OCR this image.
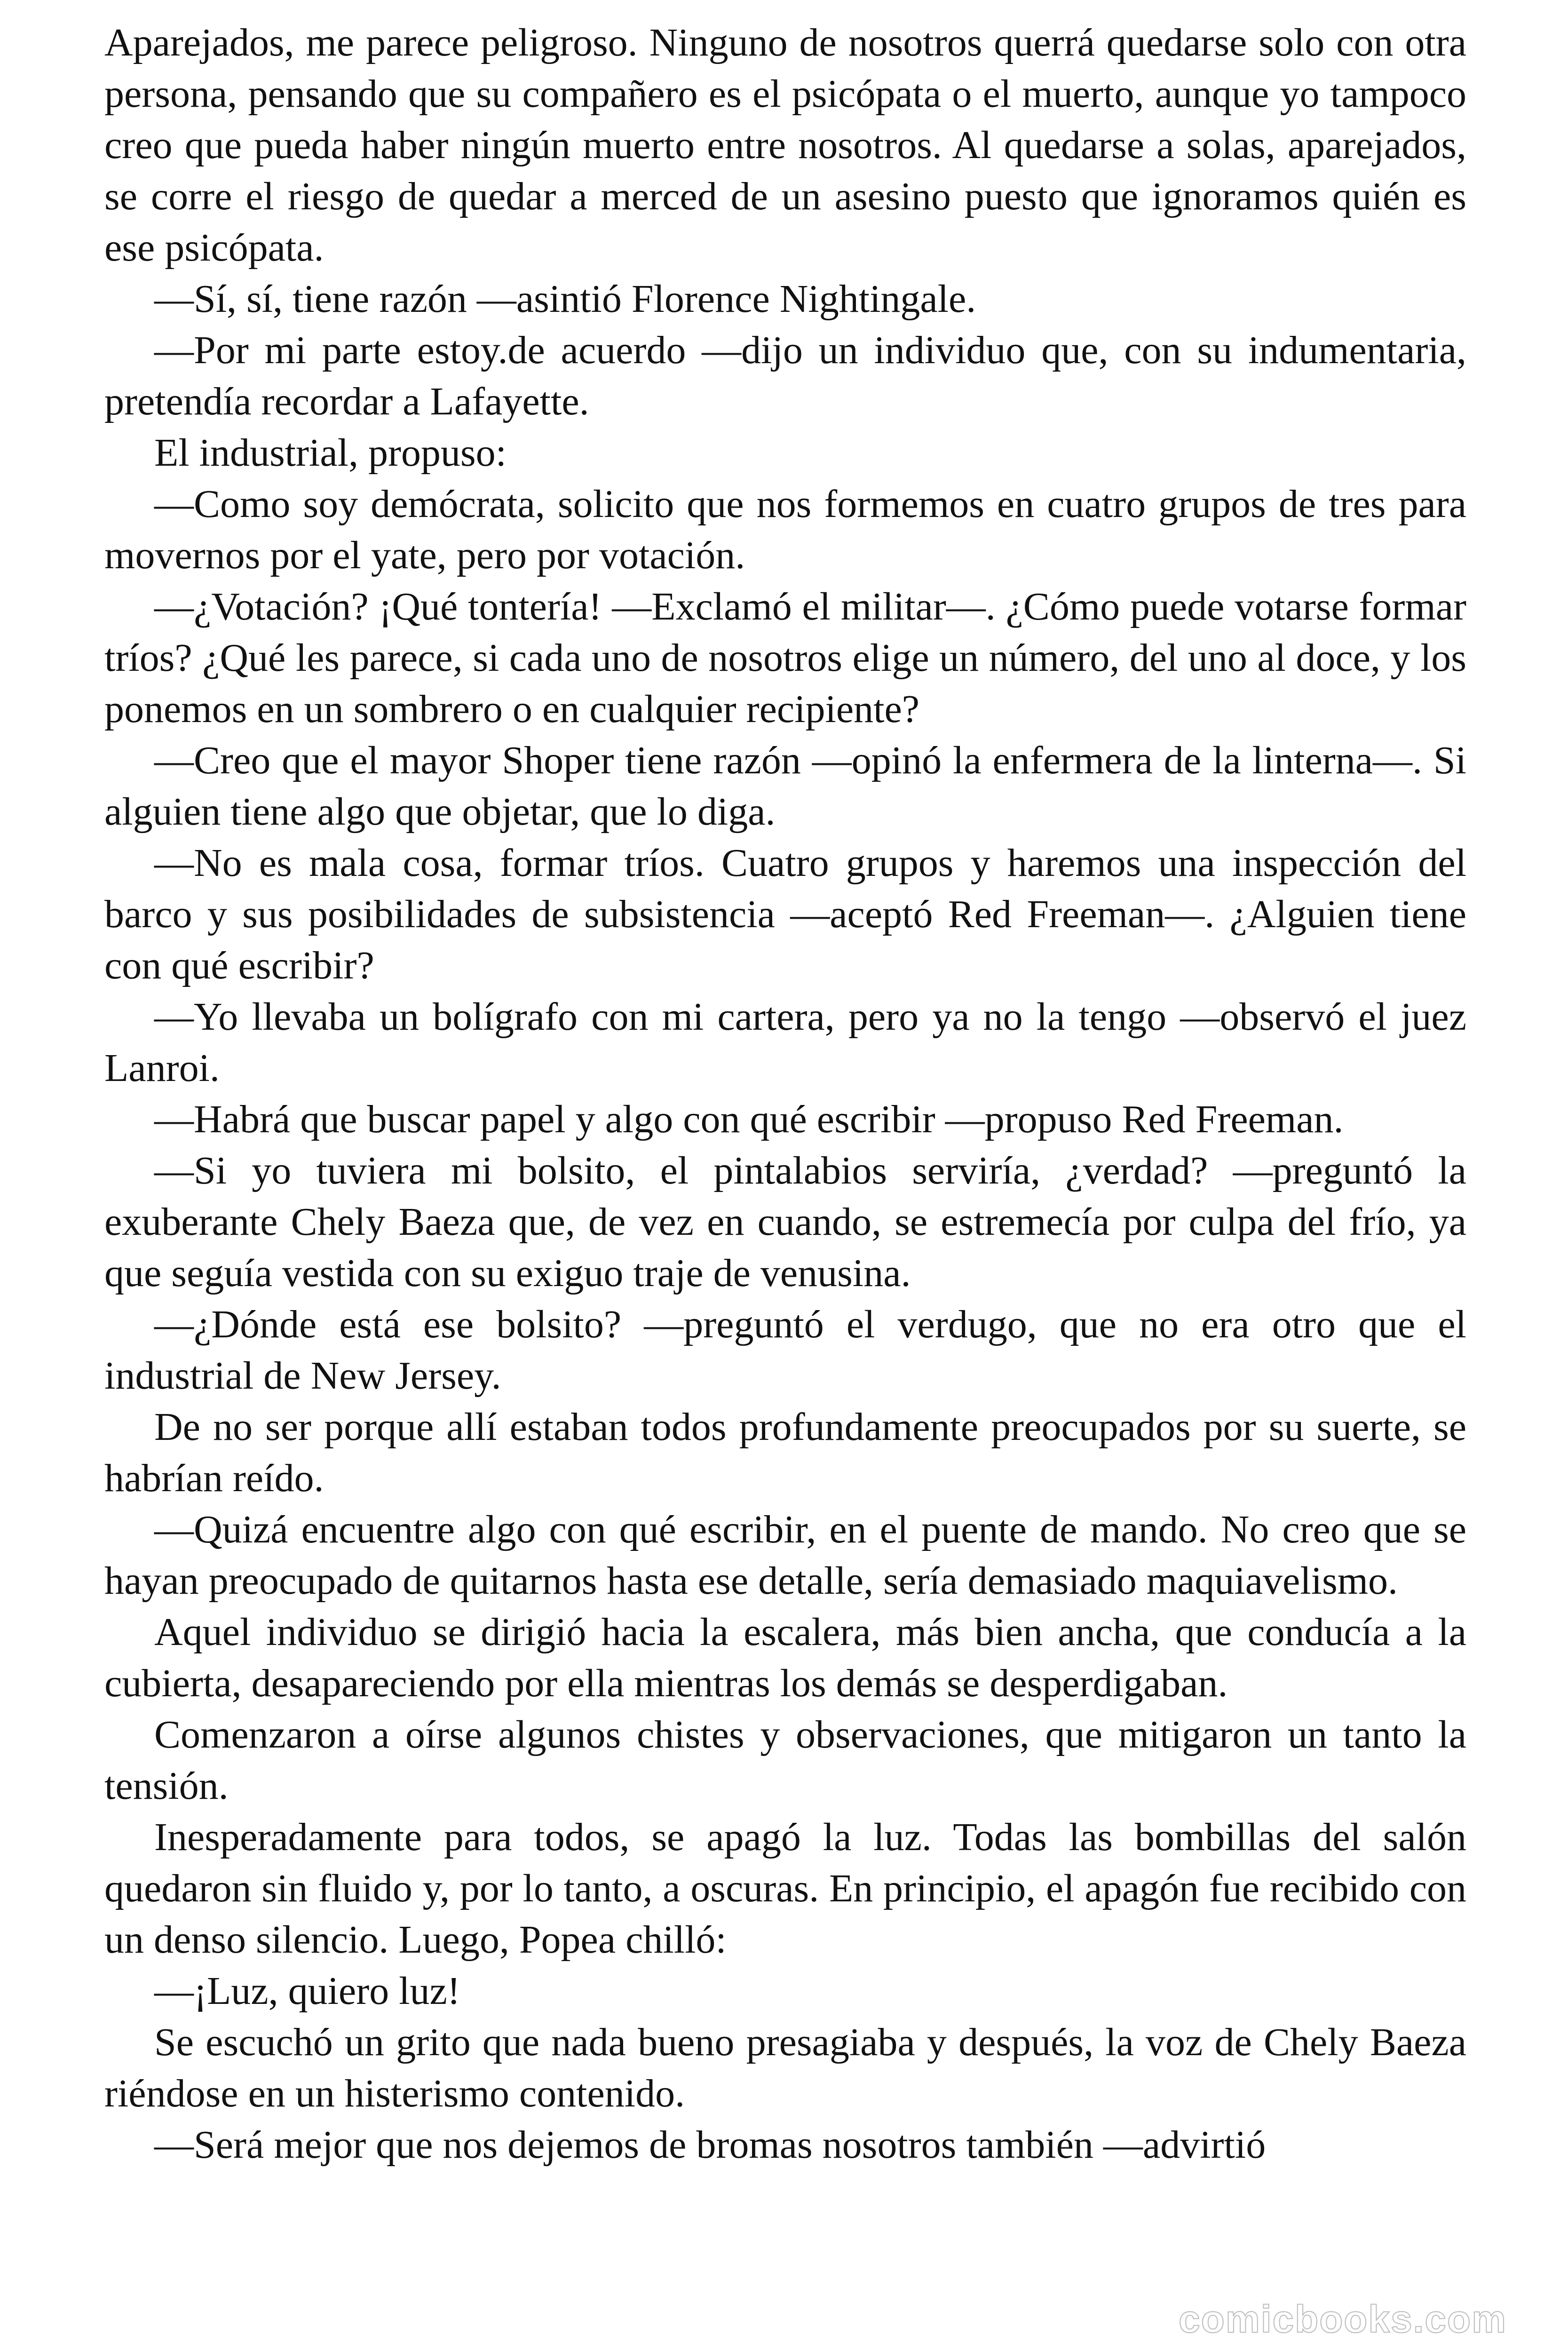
Aparejados, me parece peligroso. Ninguno de nosotros querrá quedarse solo con otra persona, pensando que su compañero es el psicópata o el muerto, aunque yo tampoco creo que pueda haber ningún muerto entre nosotros. Al quedarse a solas, aparejados, se corre el riesgo de quedar a merced de un asesino puesto que ignoramos quién es ese psicópata.

—Sí, sí, tiene razón —asintió Florence Nightingale.

—Por mi parte estoy.de acuerdo —dijo un individuo que, con su indumentaria, pretendía recordar a Lafayette.

El industrial, propuso:

—Como soy demócrata, solicito que nos formemos en cuatro grupos de tres para movernos por el yate, pero por votación.

—¿Votación? ¡Qué tontería! —Exclamó el militar—. ¿Cómo puede votarse formar tríos? ¿Qué les parece, si cada uno de nosotros elige un número, del uno al doce, y los ponemos en un sombrero o en cualquier recipiente?

—Creo que el mayor Shoper tiene razón —opinó la enfermera de la linterna—. Si alguien tiene algo que objetar, que lo diga.

—No es mala cosa, formar tríos. Cuatro grupos y haremos una inspección del barco y sus posibilidades de subsistencia —aceptó Red Freeman—. ¿Alguien tiene con qué escribir?

—Yo llevaba un bolígrafo con mi cartera, pero ya no la tengo —observó el juez Lanroi.

—Habrá que buscar papel y algo con qué escribir —propuso Red Freeman.

—Si yo tuviera mi bolsito, el pintalabios serviría, ¿verdad? —preguntó la exuberante Chely Baeza que, de vez en cuando, se estremecía por culpa del frío, ya que seguía vestida con su exiguo traje de venusina.

—¿Dónde está ese bolsito? —preguntó el verdugo, que no era otro que el industrial de New Jersey.

De no ser porque allí estaban todos profundamente preocupados por su suerte, se habrían reído.

—Quizá encuentre algo con qué escribir, en el puente de mando. No creo que se hayan preocupado de quitarnos hasta ese detalle, sería demasiado maquiavelismo.

Aquel individuo se dirigió hacia la escalera, más bien ancha, que conducía a la cubierta, desapareciendo por ella mientras los demás se desperdigaban.

Comenzaron a oírse algunos chistes y observaciones, que mitigaron un tanto la tensión.

Inesperadamente para todos, se apagó la luz. Todas las bombillas del salón quedaron sin fluido y, por lo tanto, a oscuras. En principio, el apagón fue recibido con un denso silencio. Luego, Popea chilló:

—¡Luz, quiero luz!

Se escuchó un grito que nada bueno presagiaba y después, la voz de Chely Baeza riéndose en un histerismo contenido.

—Será mejor que nos dejemos de bromas nosotros también —advirtió

comicbooks.com
